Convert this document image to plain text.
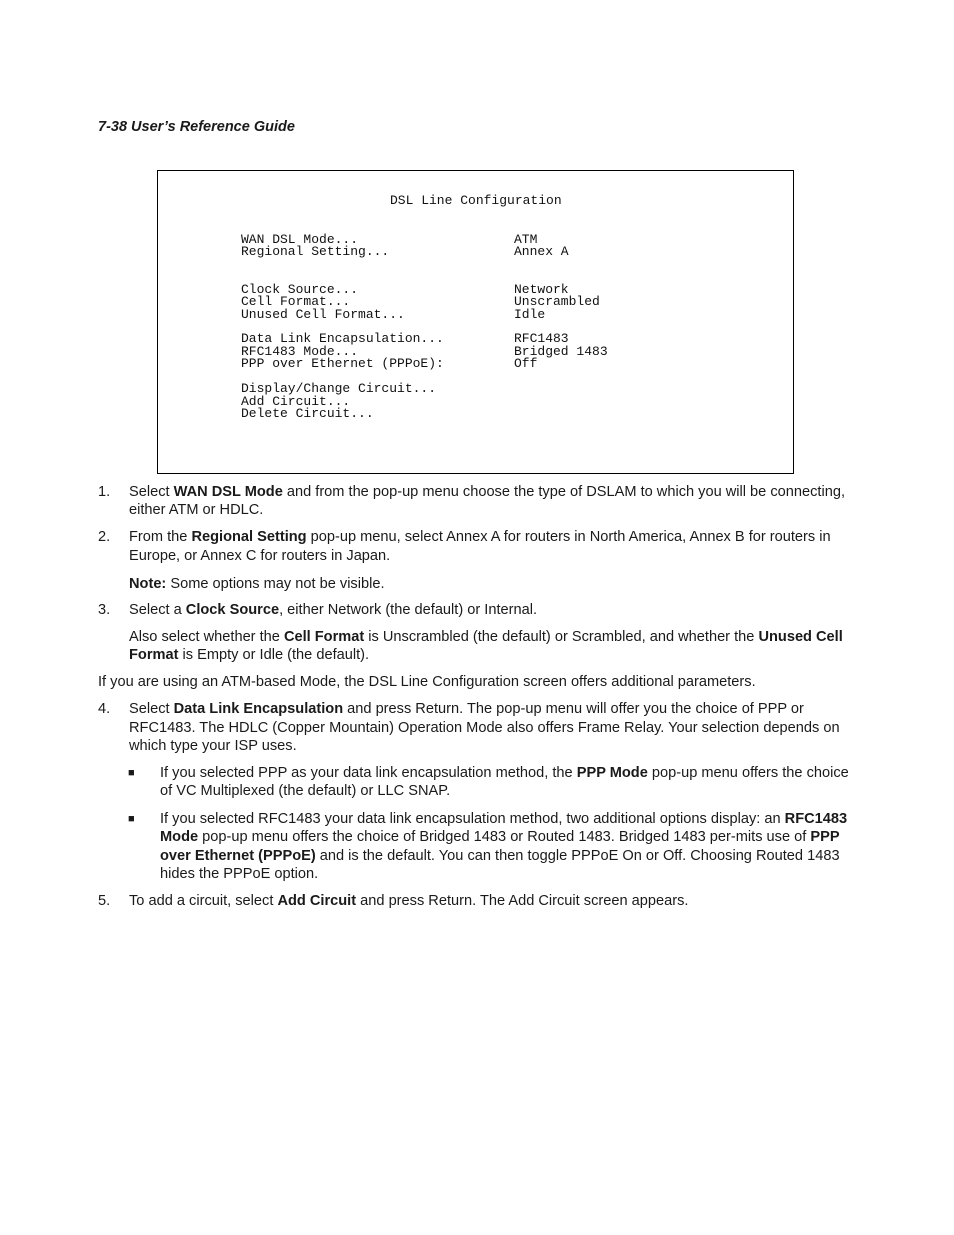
7-38 User’s Reference Guide
DSL Line Configuration
WAN DSL Mode...	ATM
Regional Setting...	Annex A
Clock Source...	Network
Cell Format...	Unscrambled
Unused Cell Format...	Idle
Data Link Encapsulation...	RFC1483
RFC1483 Mode...	Bridged 1483
PPP over Ethernet (PPPoE):	Off
Display/Change Circuit...
Add Circuit...
Delete Circuit...

1. Select WAN DSL Mode and from the pop-up menu choose the type of DSLAM to which you will be connecting, either ATM or HDLC.

2. From the Regional Setting pop-up menu, select Annex A for routers in North America, Annex B for routers in Europe, or Annex C for routers in Japan.

Note: Some options may not be visible.

3. Select a Clock Source, either Network (the default) or Internal.

Also select whether the Cell Format is Unscrambled (the default) or Scrambled, and whether the Unused Cell Format is Empty or Idle (the default).

If you are using an ATM-based Mode, the DSL Line Configuration screen offers additional parameters.

4. Select Data Link Encapsulation and press Return. The pop-up menu will offer you the choice of PPP or RFC1483. The HDLC (Copper Mountain) Operation Mode also offers Frame Relay. Your selection depends on which type your ISP uses.

■ If you selected PPP as your data link encapsulation method, the PPP Mode pop-up menu offers the choice of VC Multiplexed (the default) or LLC SNAP.

■ If you selected RFC1483 your data link encapsulation method, two additional options display: an RFC1483 Mode pop-up menu offers the choice of Bridged 1483 or Routed 1483. Bridged 1483 per-mits use of PPP over Ethernet (PPPoE) and is the default. You can then toggle PPPoE On or Off. Choosing Routed 1483 hides the PPPoE option.

5. To add a circuit, select Add Circuit and press Return. The Add Circuit screen appears.
